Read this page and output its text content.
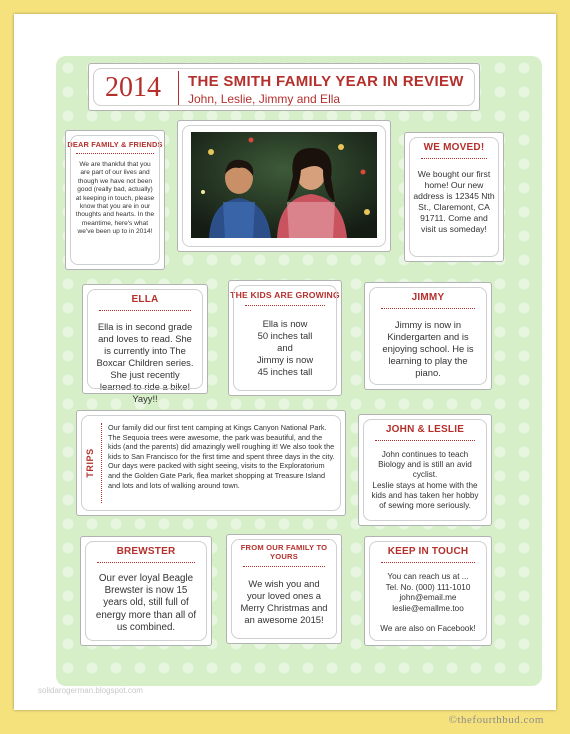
2014 THE SMITH FAMILY YEAR IN REVIEW
John, Leslie, Jimmy and Ella
DEAR FAMILY & FRIENDS
We are thankful that you are part of our lives and though we have not been good (really bad, actually) at keeping in touch, please know that you are in our thoughts and hearts. In the meantime, here's what we've been up to in 2014!
WE MOVED!
We bought our first home! Our new address is 12345 Nth St., Claremont, CA 91711. Come and visit us someday!
ELLA
Ella is in second grade and loves to read. She is currently into The Boxcar Children series. She just recently learned to ride a bike! Yayy!!
THE KIDS ARE GROWING
Ella is now
50 inches tall
and
Jimmy is now
45 inches tall
JIMMY
Jimmy is now in Kindergarten and is enjoying school. He is learning to play the piano.
TRIPS
Our family did our first tent camping at Kings Canyon National Park. The Sequoia trees were awesome, the park was beautiful, and the kids (and the parents) did amazingly well roughing it! We also took the kids to San Francisco for the first time and spent three days in the city. Our days were packed with sight seeing, visits to the Exploratorium and the Golden Gate Park, flea market shopping at Treasure Island and lots and lots of walking around town.
JOHN & LESLIE
John continues to teach Biology and is still an avid cyclist.
Leslie stays at home with the kids and has taken her hobby of sewing more seriously.
BREWSTER
Our ever loyal Beagle Brewster is now 15 years old, still full of energy more than all of us combined.
FROM OUR FAMILY TO YOURS
We wish you and your loved ones a Merry Christmas and an awesome 2015!
KEEP IN TOUCH
You can reach us at ...
Tel. No. (000) 111-1010
john@email.me
leslie@emallme.too
We are also on Facebook!
solidarogerman.blogspot.com
©thefourthbud.com
